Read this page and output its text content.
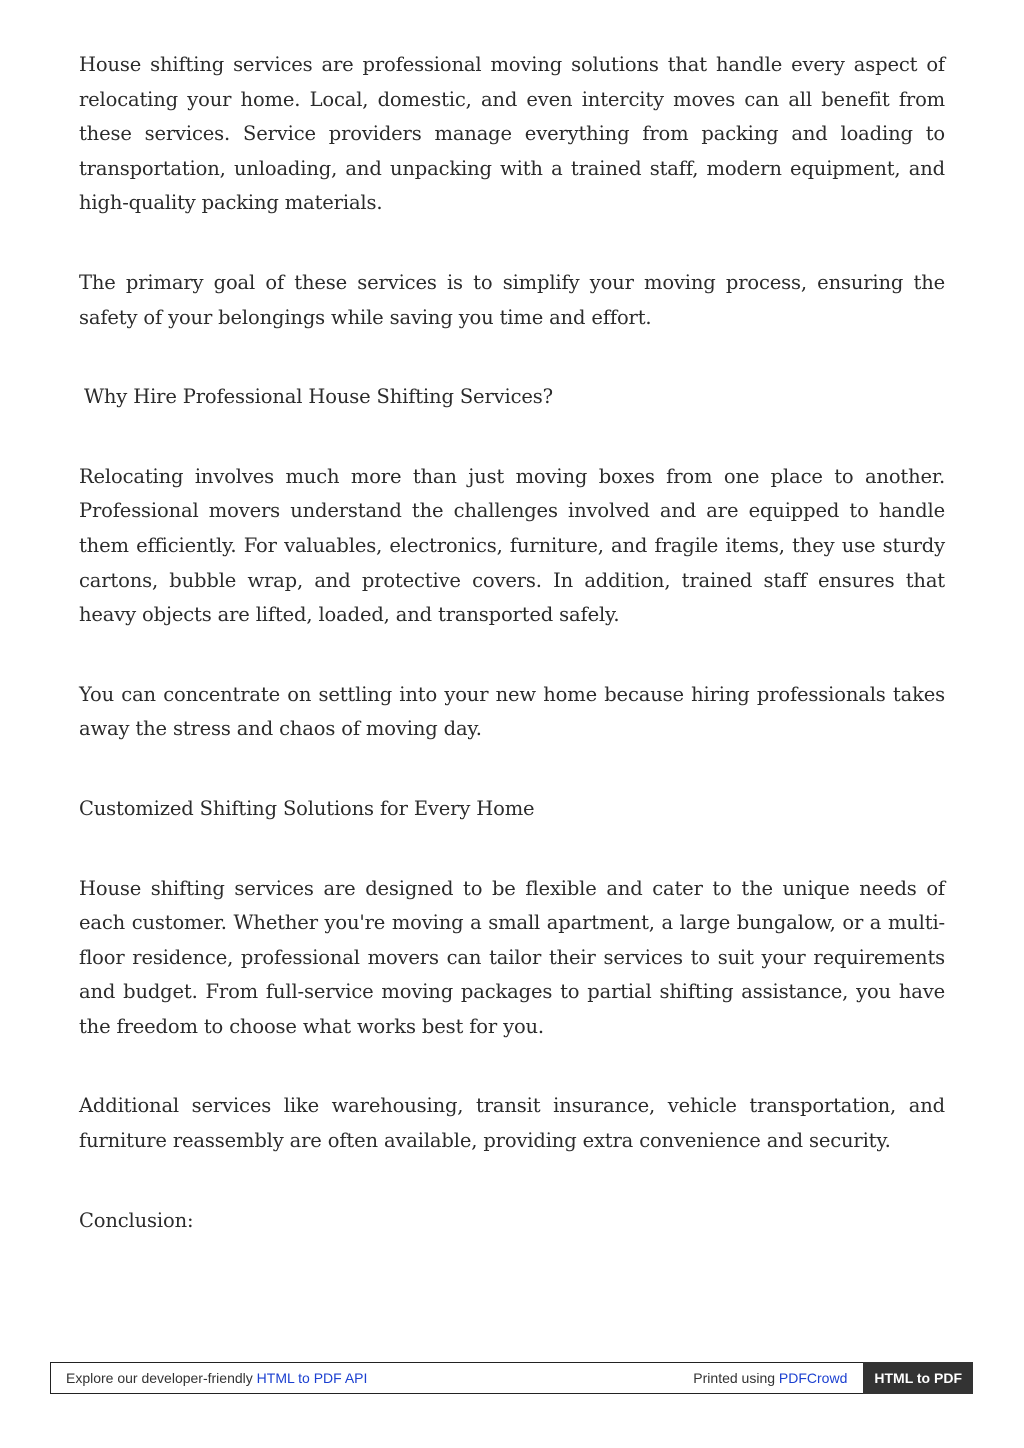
House shifting services are professional moving solutions that handle every aspect of relocating your home. Local, domestic, and even intercity moves can all benefit from these services. Service providers manage everything from packing and loading to transportation, unloading, and unpacking with a trained staff, modern equipment, and high-quality packing materials.

The primary goal of these services is to simplify your moving process, ensuring the safety of your belongings while saving you time and effort.

Why Hire Professional House Shifting Services?

Relocating involves much more than just moving boxes from one place to another. Professional movers understand the challenges involved and are equipped to handle them efficiently. For valuables, electronics, furniture, and fragile items, they use sturdy cartons, bubble wrap, and protective covers. In addition, trained staff ensures that heavy objects are lifted, loaded, and transported safely.

You can concentrate on settling into your new home because hiring professionals takes away the stress and chaos of moving day.

Customized Shifting Solutions for Every Home

House shifting services are designed to be flexible and cater to the unique needs of each customer. Whether you're moving a small apartment, a large bungalow, or a multi-floor residence, professional movers can tailor their services to suit your requirements and budget. From full-service moving packages to partial shifting assistance, you have the freedom to choose what works best for you.

Additional services like warehousing, transit insurance, vehicle transportation, and furniture reassembly are often available, providing extra convenience and security.

Conclusion:

Explore our developer-friendly HTML to PDF API	Printed using PDFCrowd	HTML to PDF
